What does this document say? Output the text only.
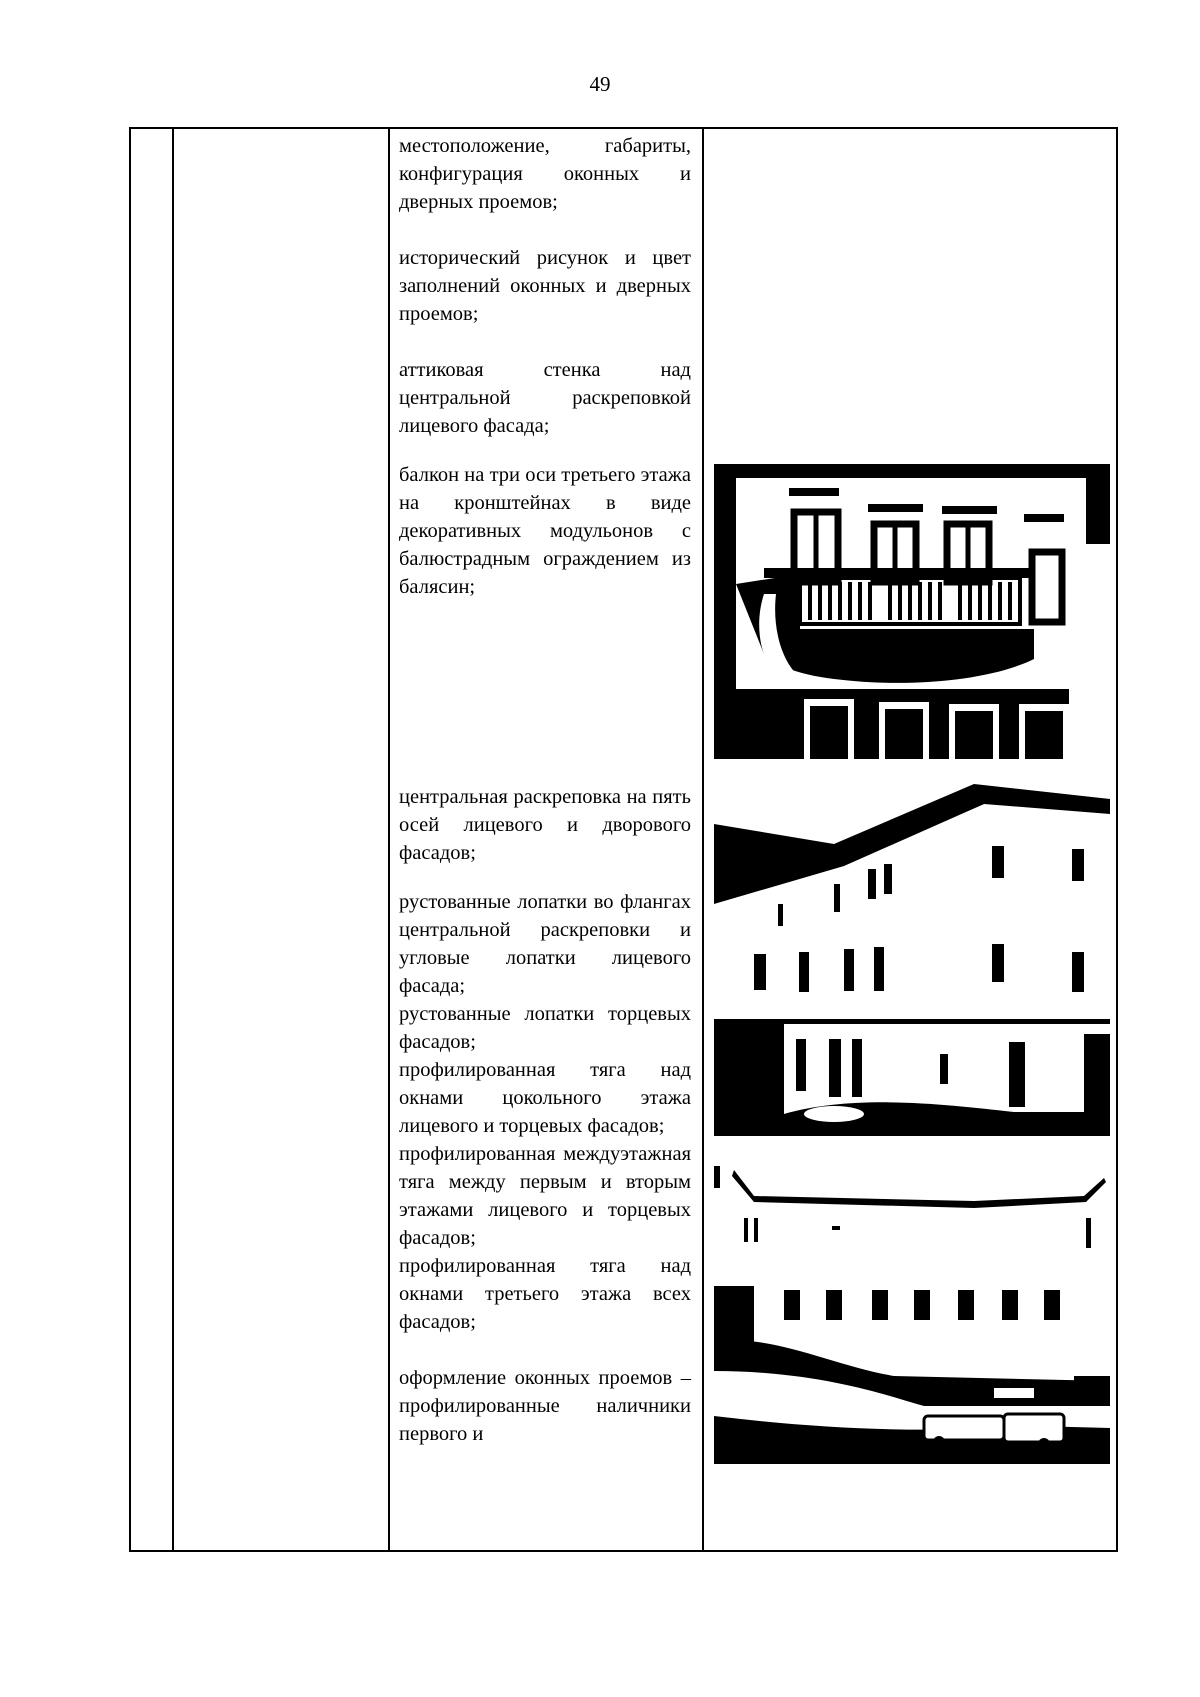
49

местоположение, габариты, конфигурация оконных и дверных проемов;

исторический рисунок и цвет заполнений оконных и дверных проемов;

аттиковая стенка над центральной раскреповкой лицевого фасада;

балкон на три оси третьего этажа на кронштейнах в виде декоративных модульонов с балюстрадным ограждением из балясин;

центральная раскреповка на пять осей лицевого и дворового фасадов;

рустованные лопатки во флангах центральной раскреповки и угловые лопатки лицевого фасада;

рустованные лопатки торцевых фасадов;

профилированная тяга над окнами цокольного этажа лицевого и торцевых фасадов;

профилированная междуэтажная тяга между первым и вторым этажами лицевого и торцевых фасадов;

профилированная тяга над окнами третьего этажа всех фасадов;

оформление оконных проемов – профилированные наличники первого и
